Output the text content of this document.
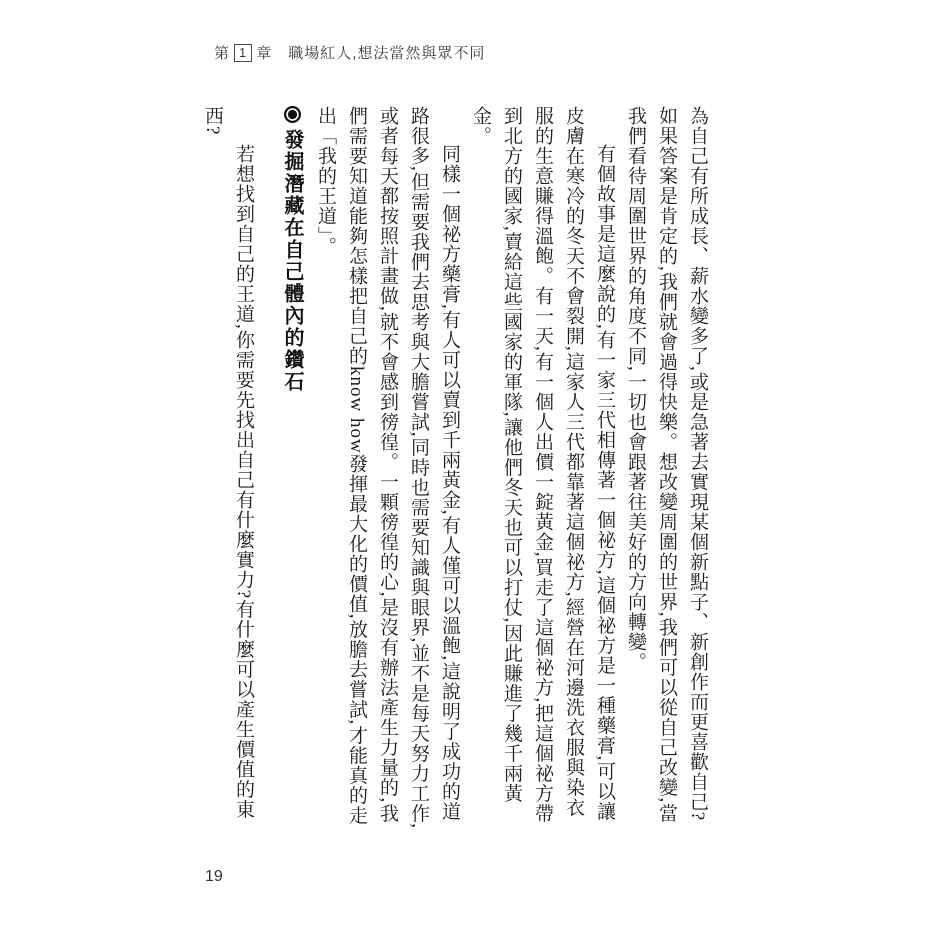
第 1 章 職場紅人,想法當然與眾不同

為自己有所成長、薪水變多了,或是急著去實現某個新點子、新創作而更喜歡自己?如果答案是肯定的,我們就會過得快樂。想改變周圍的世界,我們可以從自己改變,當我們看待周圍世界的角度不同,一切也會跟著往美好的方向轉變。

有個故事是這麼說的,有一家三代相傳著一個祕方,這個祕方是一種藥膏,可以讓皮膚在寒冷的冬天不會裂開,這家人三代都靠著這個祕方,經營在河邊洗衣服與染衣服的生意賺得溫飽。有一天,有一個人出價一錠黃金,買走了這個祕方,把這個祕方帶到北方的國家,賣給這些國家的軍隊,讓他們冬天也可以打仗,因此賺進了幾千兩黃金。

同樣一個祕方藥膏,有人可以賣到千兩黃金,有人僅可以溫飽,這說明了成功的道路很多,但需要我們去思考與大膽嘗試,同時也需要知識與眼界,並不是每天努力工作,或者每天都按照計畫做,就不會感到徬徨。一顆徬徨的心,是沒有辦法產生力量的,我們需要知道能夠怎樣把自己的know how發揮最大化的價值,放膽去嘗試,才能真的走出「我的王道」。

發掘潛藏在自己體內的鑽石

若想找到自己的王道,你需要先找出自己有什麼實力?有什麼可以產生價值的東西?

19
